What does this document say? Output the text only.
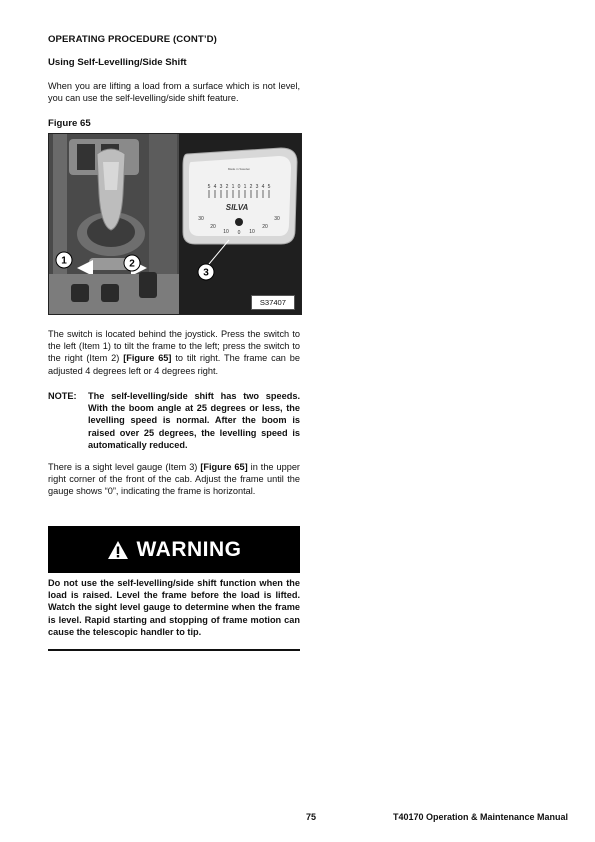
OPERATING PROCEDURE (CONT’D)
Using Self-Levelling/Side Shift

When you are lifting a load from a surface which is not level, you can use the self-levelling/side shift feature.

Figure 65
1	2
Made in Sweden
SILVA
5 4 3 2 1 0 1 2 3 4 5
30
20
10 0 10
20
30
3
S37407

The switch is located behind the joystick. Press the switch to the left (Item 1) to tilt the frame to the left; press the switch to the right (Item 2) [Figure 65] to tilt right. The frame can be adjusted 4 degrees left or 4 degrees right.

NOTE: The self-levelling/side shift has two speeds. With the boom angle at 25 degrees or less, the levelling speed is normal. After the boom is raised over 25 degrees, the levelling speed is automatically reduced.

There is a sight level gauge (Item 3) [Figure 65] in the upper right corner of the front of the cab. Adjust the frame until the gauge shows “0”, indicating the frame is horizontal.

WARNING

Do not use the self-levelling/side shift function when the load is raised. Level the frame before the load is lifted. Watch the sight level gauge to determine when the frame is level. Rapid starting and stopping of frame motion can cause the telescopic handler to tip.

75	T40170 Operation & Maintenance Manual
